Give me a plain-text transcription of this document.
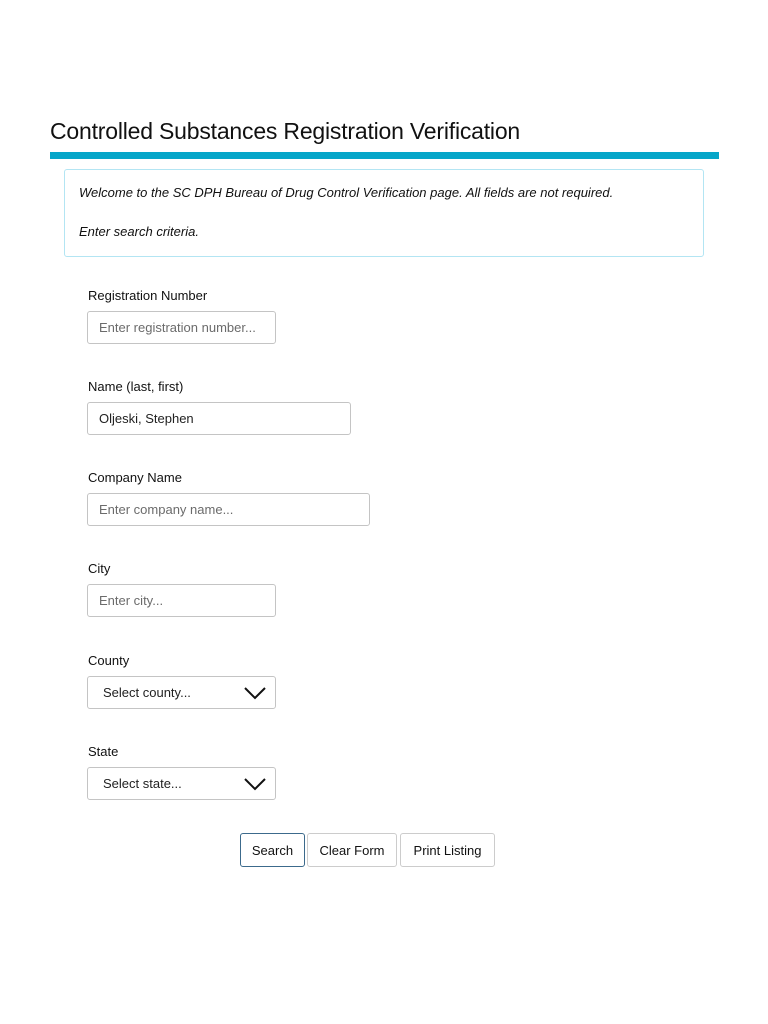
Controlled Substances Registration Verification

Welcome to the SC DPH Bureau of Drug Control Verification page. All fields are not required.

Enter search criteria.

Registration Number
Enter registration number...
Name (last, first)
Oljeski, Stephen
Company Name
Enter company name...
City
Enter city...
County
Select county...
State
Select state...
Search	Clear Form	Print Listing
